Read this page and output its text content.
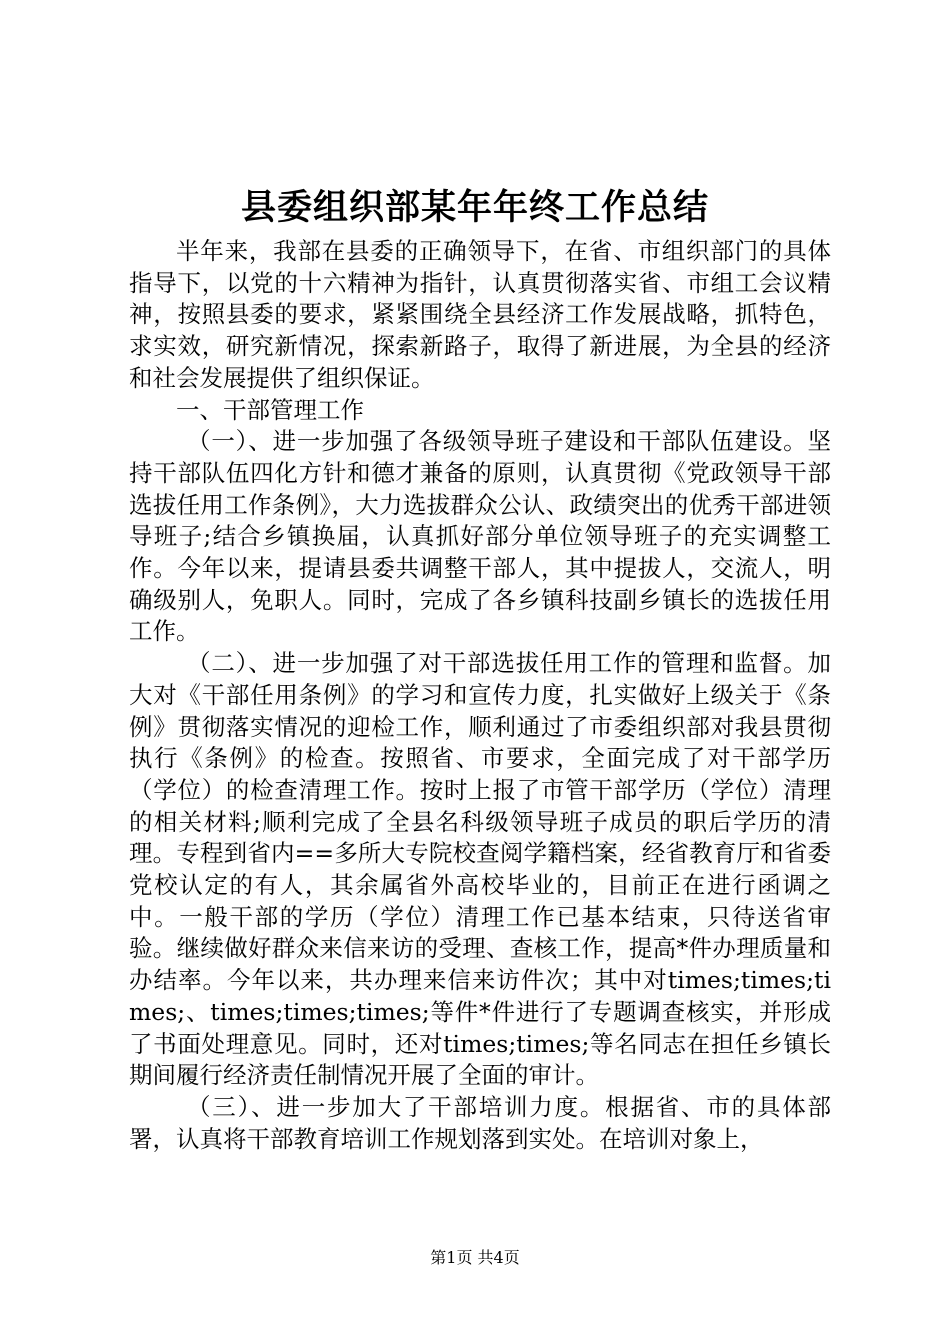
县委组织部某年年终工作总结

半年来，我部在县委的正确领导下，在省、市组织部门的具体指导下，以党的十六精神为指针，认真贯彻落实省、市组工会议精神，按照县委的要求，紧紧围绕全县经济工作发展战略，抓特色，求实效，研究新情况，探索新路子，取得了新进展，为全县的经济和社会发展提供了组织保证。

一、干部管理工作

（一）、进一步加强了各级领导班子建设和干部队伍建设。坚持干部队伍四化方针和德才兼备的原则，认真贯彻《党政领导干部选拔任用工作条例》，大力选拔群众公认、政绩突出的优秀干部进领导班子;结合乡镇换届，认真抓好部分单位领导班子的充实调整工作。今年以来，提请县委共调整干部人，其中提拔人，交流人，明确级别人，免职人。同时，完成了各乡镇科技副乡镇长的选拔任用工作。

（二）、进一步加强了对干部选拔任用工作的管理和监督。加大对《干部任用条例》的学习和宣传力度，扎实做好上级关于《条例》贯彻落实情况的迎检工作，顺利通过了市委组织部对我县贯彻执行《条例》的检查。按照省、市要求，全面完成了对干部学历（学位）的检查清理工作。按时上报了市管干部学历（学位）清理的相关材料;顺利完成了全县名科级领导班子成员的职后学历的清理。专程到省内==多所大专院校查阅学籍档案，经省教育厅和省委党校认定的有人，其余属省外高校毕业的，目前正在进行函调之中。一般干部的学历（学位）清理工作已基本结束，只待送省审验。继续做好群众来信来访的受理、查核工作，提高*件办理质量和办结率。今年以来，共办理来信来访件次；其中对times;times;times;、times;times;times;等件*件进行了专题调查核实，并形成了书面处理意见。同时，还对times;times;等名同志在担任乡镇长期间履行经济责任制情况开展了全面的审计。

（三）、进一步加大了干部培训力度。根据省、市的具体部署，认真将干部教育培训工作规划落到实处。在培训对象上，

第1页 共4页
